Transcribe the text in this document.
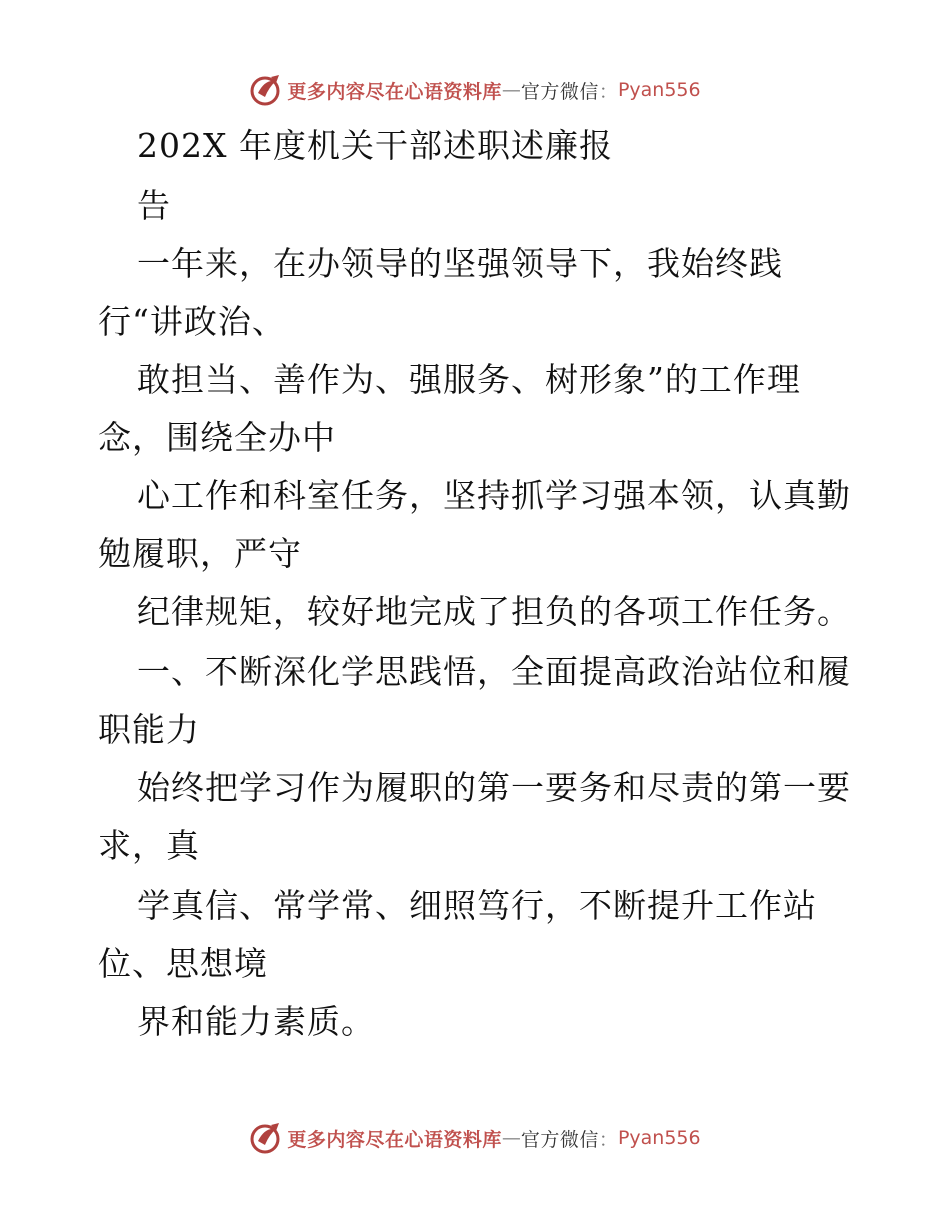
更多内容尽在心语资料库 — 官方微信 ： Pyan556
202X 年度机关干部述职述廉报
告
一年来，在办领导的坚强领导下，我始终践
行“讲政治、
敢担当、善作为、强服务、树形象”的工作理
念，围绕全办中
心工作和科室任务，坚持抓学习强本领，认真勤
勉履职，严守
纪律规矩，较好地完成了担负的各项工作任务。
一、不断深化学思践悟，全面提高政治站位和履
职能力
始终把学习作为履职的第一要务和尽责的第一要
求，真
学真信、常学常、细照笃行，不断提升工作站
位、思想境
界和能力素质。
更多内容尽在心语资料库 — 官方微信 ： Pyan556
